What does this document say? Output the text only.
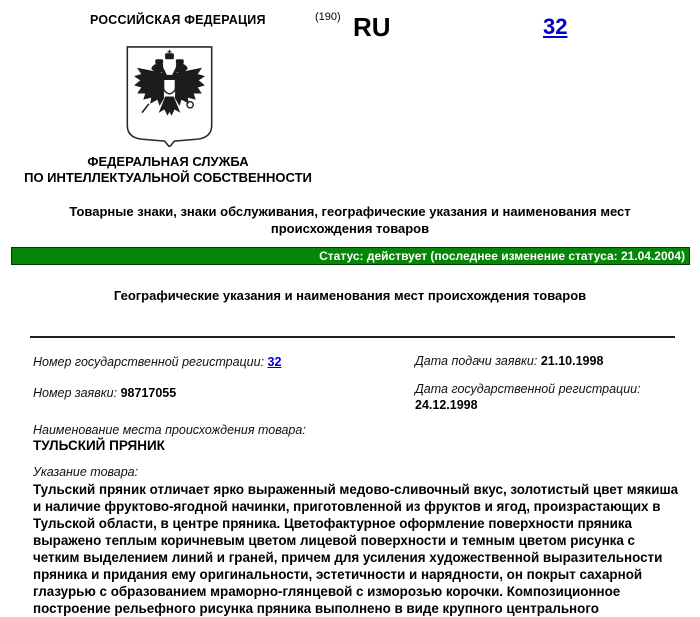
РОССИЙСКАЯ ФЕДЕРАЦИЯ	(190) RU	32
ФЕДЕРАЛЬНАЯ СЛУЖБА
ПО ИНТЕЛЛЕКТУАЛЬНОЙ СОБСТВЕННОСТИ
Товарные знаки, знаки обслуживания, географические указания и наименования мест происхождения товаров
Статус: действует (последнее изменение статуса: 21.04.2004)
Географические указания и наименования мест происхождения товаров
Номер государственной регистрации: 32	Дата подачи заявки: 21.10.1998
Номер заявки: 98717055	Дата государственной регистрации: 24.12.1998
Наименование места происхождения товара:
ТУЛЬСКИЙ ПРЯНИК
Указание товара:
Тульский пряник отличает ярко выраженный медово-сливочный вкус, золотистый цвет мякиша и наличие фруктово-ягодной начинки, приготовленной из фруктов и ягод, произрастающих в Тульской области, в центре пряника. Цветофактурное оформление поверхности пряника выражено теплым коричневым цветом лицевой поверхности и темным цветом рисунка с четким выделением линий и граней, причем для усиления художественной выразительности пряника и придания ему оригинальности, эстетичности и нарядности, он покрыт сахарной глазурью с образованием мраморно-глянцевой с изморозью корочки. Композиционное построение рельефного рисунка пряника выполнено в виде крупного центрального
